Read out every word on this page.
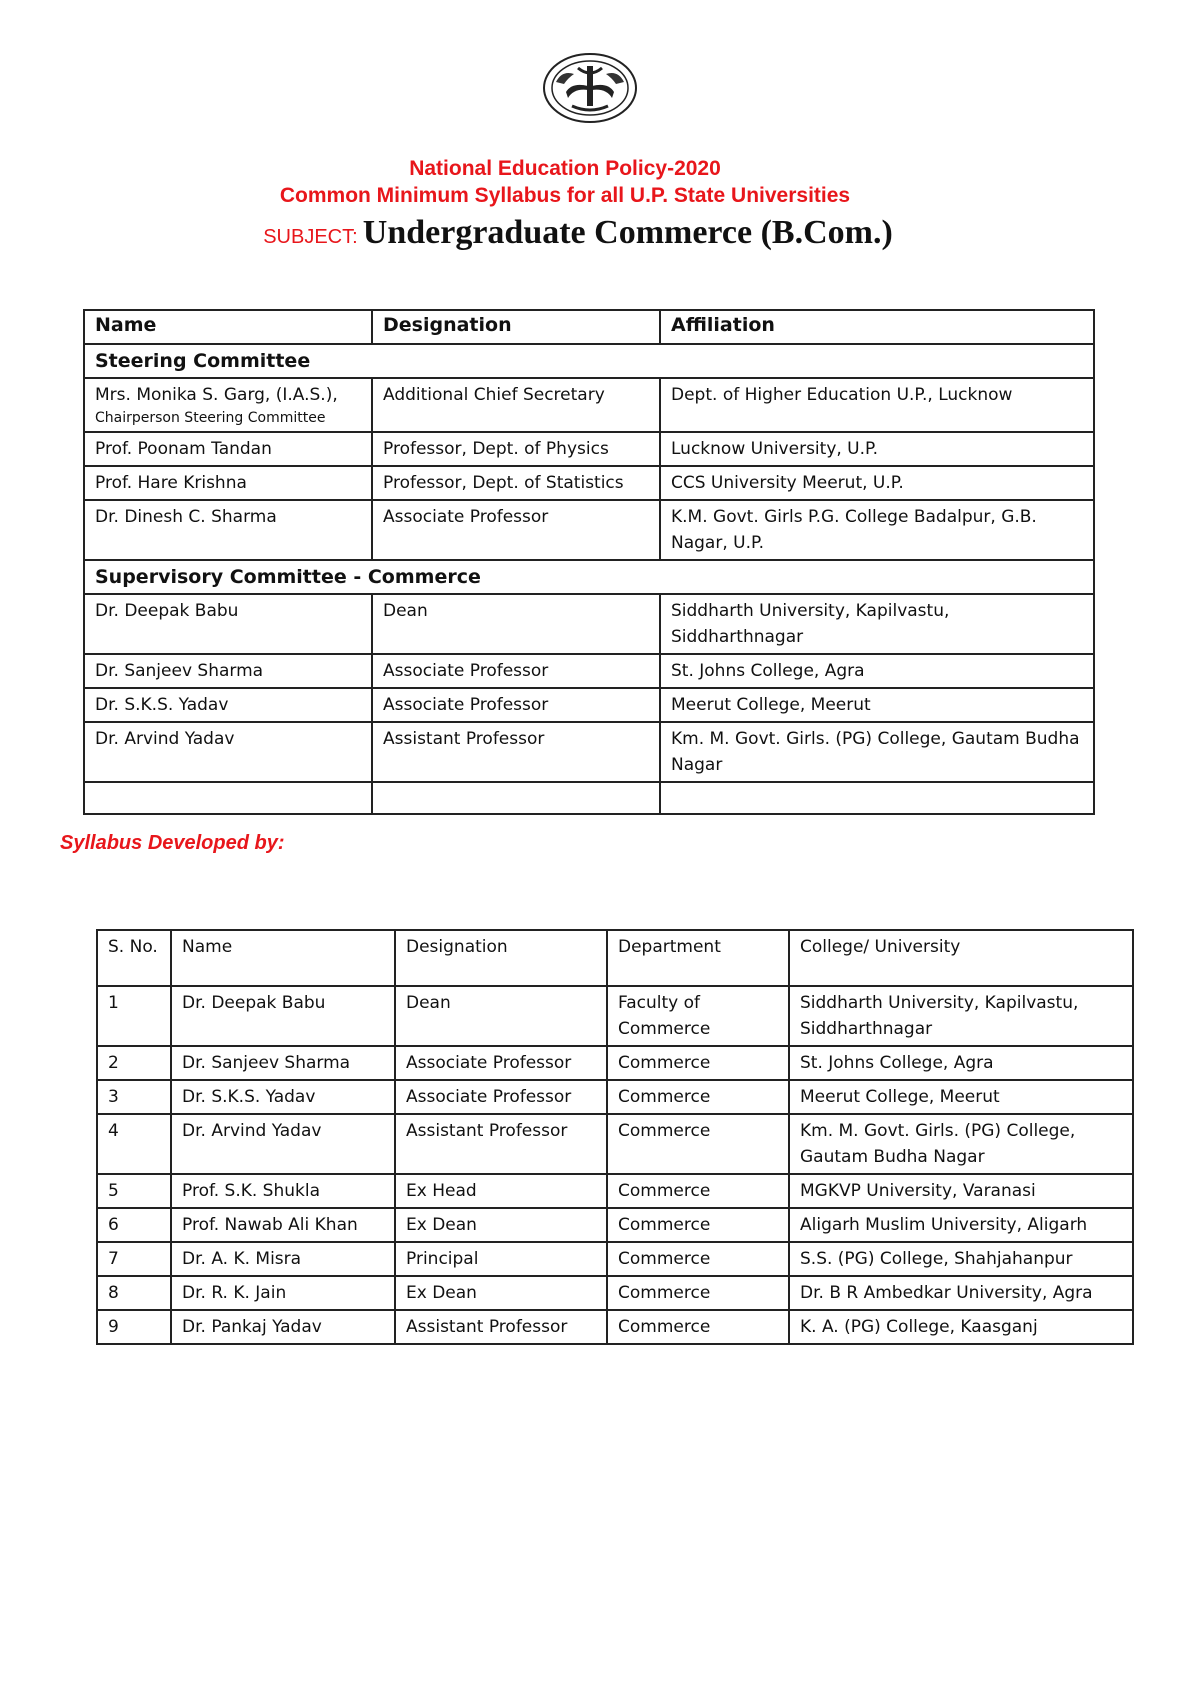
National Education Policy-2020
Common Minimum Syllabus for all U.P. State Universities
SUBJECT: Undergraduate Commerce (B.Com.)
Name	Designation	Affiliation
Steering Committee		
Mrs. Monika S. Garg, (I.A.S.),
Chairperson Steering Committee	Additional Chief Secretary	Dept. of Higher Education U.P., Lucknow
Prof. Poonam Tandan	Professor, Dept. of Physics	Lucknow University, U.P.
Prof. Hare Krishna	Professor, Dept. of Statistics	CCS University Meerut, U.P.
Dr. Dinesh C. Sharma	Associate Professor	K.M. Govt. Girls P.G. College Badalpur, G.B. Nagar, U.P.
Supervisory Committee - Commerce		
Dr. Deepak Babu	Dean	Siddharth University, Kapilvastu, Siddharthnagar
Dr. Sanjeev Sharma	Associate Professor	St. Johns College, Agra
Dr. S.K.S. Yadav	Associate Professor	Meerut College, Meerut
Dr. Arvind Yadav	Assistant Professor	Km. M. Govt. Girls. (PG) College, Gautam Budha Nagar

Syllabus Developed by:
S. No.	Name	Designation	Department	College/ University
1	Dr. Deepak Babu	Dean	Faculty of Commerce	Siddharth University, Kapilvastu, Siddharthnagar
2	Dr. Sanjeev Sharma	Associate Professor	Commerce	St. Johns College, Agra
3	Dr. S.K.S. Yadav	Associate Professor	Commerce	Meerut College, Meerut
4	Dr. Arvind Yadav	Assistant Professor	Commerce	Km. M. Govt. Girls. (PG) College, Gautam Budha Nagar
5	Prof. S.K. Shukla	Ex Head	Commerce	MGKVP University, Varanasi
6	Prof. Nawab Ali Khan	Ex Dean	Commerce	Aligarh Muslim University, Aligarh
7	Dr. A. K. Misra	Principal	Commerce	S.S. (PG) College, Shahjahanpur
8	Dr. R. K. Jain	Ex Dean	Commerce	Dr. B R Ambedkar University, Agra
9	Dr. Pankaj Yadav	Assistant Professor	Commerce	K. A. (PG) College, Kaasganj
